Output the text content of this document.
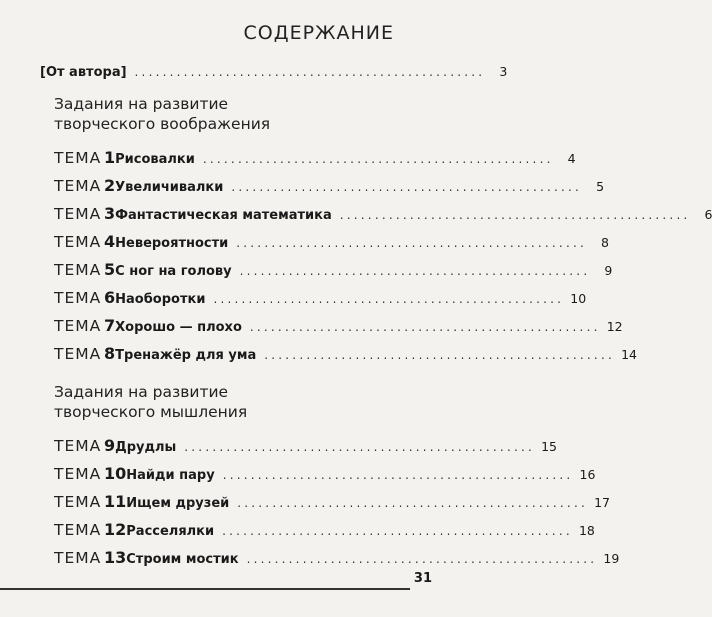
СОДЕРЖАНИЕ
[От автора] ..................................................	3
Задания на развитие
творческого воображения
ТЕМА 1 Рисовалки ..................................................	4
ТЕМА 2 Увеличивалки ..................................................	5
ТЕМА 3 Фантастическая математика ..................................................	6
ТЕМА 4 Невероятности ..................................................	8
ТЕМА 5 С ног на голову ..................................................	9
ТЕМА 6 Наоборотки .................................................. 10
ТЕМА 7 Хорошо — плохо .................................................. 12
ТЕМА 8 Тренажёр для ума .................................................. 14
Задания на развитие
творческого мышления
ТЕМА 9 Друдлы .................................................. 15
ТЕМА 10 Найди пару .................................................. 16
ТЕМА 11 Ищем друзей .................................................. 17
ТЕМА 12 Расселялки .................................................. 18
ТЕМА 13 Строим мостик .................................................. 19
31
